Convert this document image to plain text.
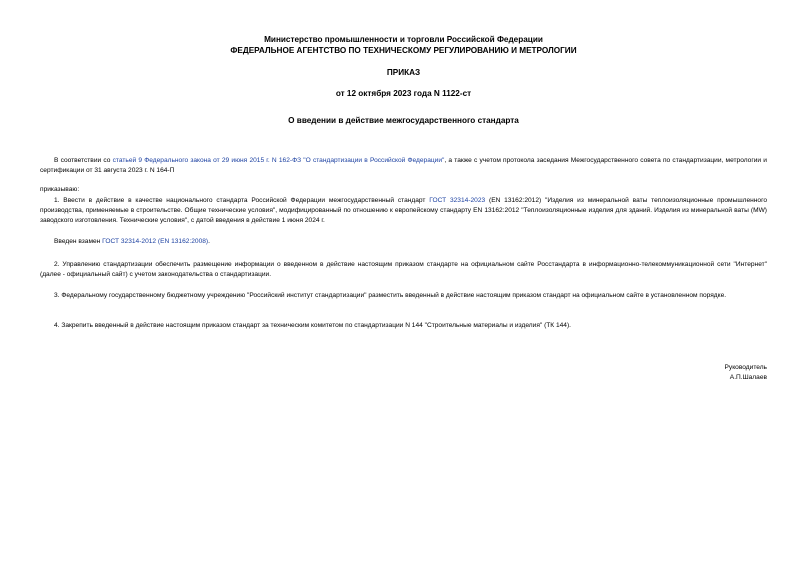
Министерство промышленности и торговли Российской Федерации
ФЕДЕРАЛЬНОЕ АГЕНТСТВО ПО ТЕХНИЧЕСКОМУ РЕГУЛИРОВАНИЮ И МЕТРОЛОГИИ
ПРИКАЗ
от 12 октября 2023 года N 1122-ст
О введении в действие межгосударственного стандарта
В соответствии со статьей 9 Федерального закона от 29 июня 2015 г. N 162-ФЗ "О стандартизации в Российской Федерации", а также с учетом протокола заседания Межгосударственного совета по стандартизации, метрологии и сертификации от 31 августа 2023 г. N 164-П
приказываю:
1. Ввести в действие в качестве национального стандарта Российской Федерации межгосударственный стандарт ГОСТ 32314-2023 (EN 13162:2012) "Изделия из минеральной ваты теплоизоляционные промышленного производства, применяемые в строительстве. Общие технические условия", модифицированный по отношению к европейскому стандарту EN 13162:2012 "Теплоизоляционные изделия для зданий. Изделия из минеральной ваты (MW) заводского изготовления. Технические условия", с датой введения в действие 1 июня 2024 г.
Введен взамен ГОСТ 32314-2012 (EN 13162:2008).
2. Управлению стандартизации обеспечить размещение информации о введенном в действие настоящим приказом стандарте на официальном сайте Росстандарта в информационно-телекоммуникационной сети "Интернет" (далее - официальный сайт) с учетом законодательства о стандартизации.
3. Федеральному государственному бюджетному учреждению "Российский институт стандартизации" разместить введенный в действие настоящим приказом стандарт на официальном сайте в установленном порядке.
4. Закрепить введенный в действие настоящим приказом стандарт за техническим комитетом по стандартизации N 144 "Строительные материалы и изделия" (ТК 144).
Руководитель
А.П.Шалаев
